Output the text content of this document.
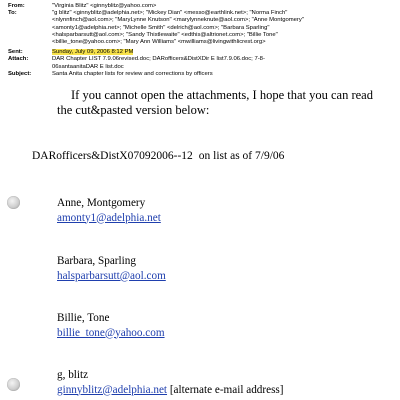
From:	"Virginia Blitz" <ginnyblitz@yahoo.com>
To:	"g blitz" <ginnyblitz@adelphia.net>; "Mickey Dian" <messo@earthlink.net>; "Norma Finch"
<nlynnfinch@aol.com>; "MaryLynne Knutson" <marylynneknute@aol.com>; "Anne Montgomery"
<amonty1@adelphia.net>; "Michelle Smith" <delrich@aol.com>; "Barbara Sparling"
<halsparbarsutt@aol.com>; "Sandy Thistlewaite" <edthis@altrionet.com>; "Billie Tone"
<billie_tone@yahoo.com>; "Mary Ann Williams" <mwilliams@livingwithlicrest.org>
Sent:	Sunday, July 09, 2006 8:12 PM
Attach:	DAR Chapter LIST 7.9.06revised.doc; DARofficers&DistXDir E list7.9.06.doc; 7-8-
06santaanitaDAR E list.doc
Subject:	Santa Anita chapter lists for review and corrections by officers

If you cannot open the attachments, I hope that you can read the cut&pasted version below:

DARofficers&DistX07092006--12 on list as of 7/9/06
Anne, Montgomery
amonty1@adelphia.net
Barbara, Sparling
halsparbarsutt@aol.com
Billie, Tone
billie_tone@yahoo.com
g, blitz
ginnyblitz@adelphia.net [alternate e-mail address]
